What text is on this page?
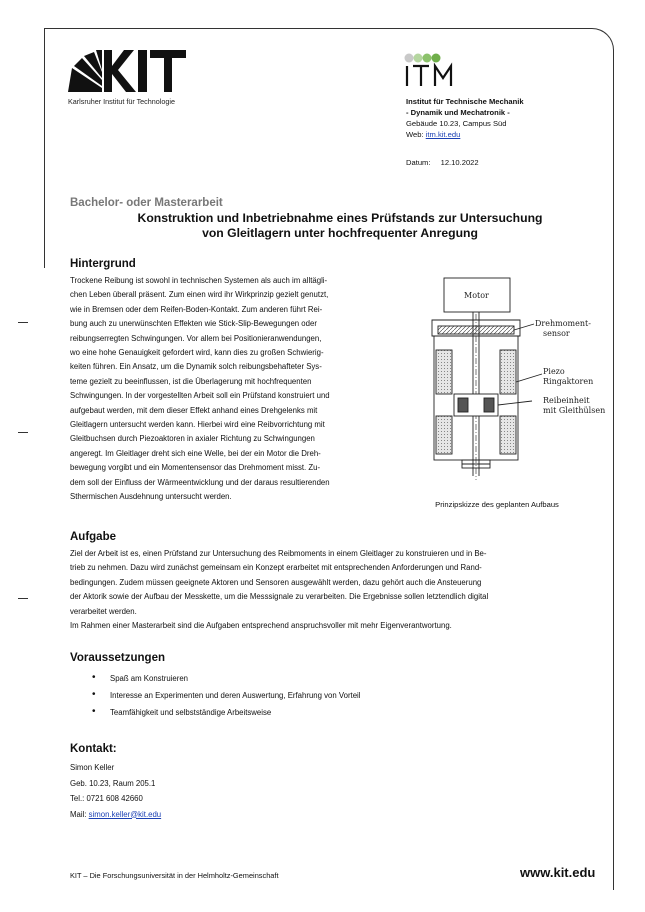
Karlsruher Institut für Technologie	Institut für Technische Mechanik
- Dynamik und Mechatronik -
Gebäude 10.23, Campus Süd
Web: itm.kit.edu
Datum: 12.10.2022
Bachelor- oder Masterarbeit
Konstruktion und Inbetriebnahme eines Prüfstands zur Untersuchung
von Gleitlagern unter hochfrequenter Anregung
Hintergrund
Trockene Reibung ist sowohl in technischen Systemen als auch im alltägli-
chen Leben überall präsent. Zum einen wird ihr Wirkprinzip gezielt genutzt,
wie in Bremsen oder dem Reifen-Boden-Kontakt. Zum anderen führt Rei-
bung auch zu unerwünschten Effekten wie Stick-Slip-Bewegungen oder
reibungserregten Schwingungen. Vor allem bei Positionieranwendungen,
wo eine hohe Genauigkeit gefordert wird, kann dies zu großen Schwierig-
keiten führen. Ein Ansatz, um die Dynamik solch reibungsbehafteter Sys-
teme gezielt zu beeinflussen, ist die Überlagerung mit hochfrequenten
Schwingungen. In der vorgestellten Arbeit soll ein Prüfstand konstruiert und
aufgebaut werden, mit dem dieser Effekt anhand eines Drehgelenks mit
Gleitlagern untersucht werden kann. Hierbei wird eine Reibvorrichtung mit
Gleitbuchsen durch Piezoaktoren in axialer Richtung zu Schwingungen
angeregt. Im Gleitlager dreht sich eine Welle, bei der ein Motor die Dreh-
bewegung vorgibt und ein Momentensensor das Drehmoment misst. Zu-
dem soll der Einfluss der Wärmeentwicklung und der daraus resultierenden
Sthermischen Ausdehnung untersucht werden.
Motor
Drehmoment-
sensor
Piezo
Ringaktoren
Reibeinheit
mit Gleithülsen
Prinzipskizze des geplanten Aufbaus
Aufgabe
Ziel der Arbeit ist es, einen Prüfstand zur Untersuchung des Reibmoments in einem Gleitlager zu konstruieren und in Be-
trieb zu nehmen. Dazu wird zunächst gemeinsam ein Konzept erarbeitet mit entsprechenden Anforderungen und Rand-
bedingungen. Zudem müssen geeignete Aktoren und Sensoren ausgewählt werden, dazu gehört auch die Ansteuerung
der Aktorik sowie der Aufbau der Messkette, um die Messsignale zu verarbeiten. Die Ergebnisse sollen letztendlich digital
verarbeitet werden.
Im Rahmen einer Masterarbeit sind die Aufgaben entsprechend anspruchsvoller mit mehr Eigenverantwortung.
Voraussetzungen
• Spaß am Konstruieren
• Interesse an Experimenten und deren Auswertung, Erfahrung von Vorteil
• Teamfähigkeit und selbstständige Arbeitsweise
Kontakt:
Simon Keller
Geb. 10.23, Raum 205.1
Tel.: 0721 608 42660
Mail: simon.keller@kit.edu
KIT – Die Forschungsuniversität in der Helmholtz-Gemeinschaft	www.kit.edu
